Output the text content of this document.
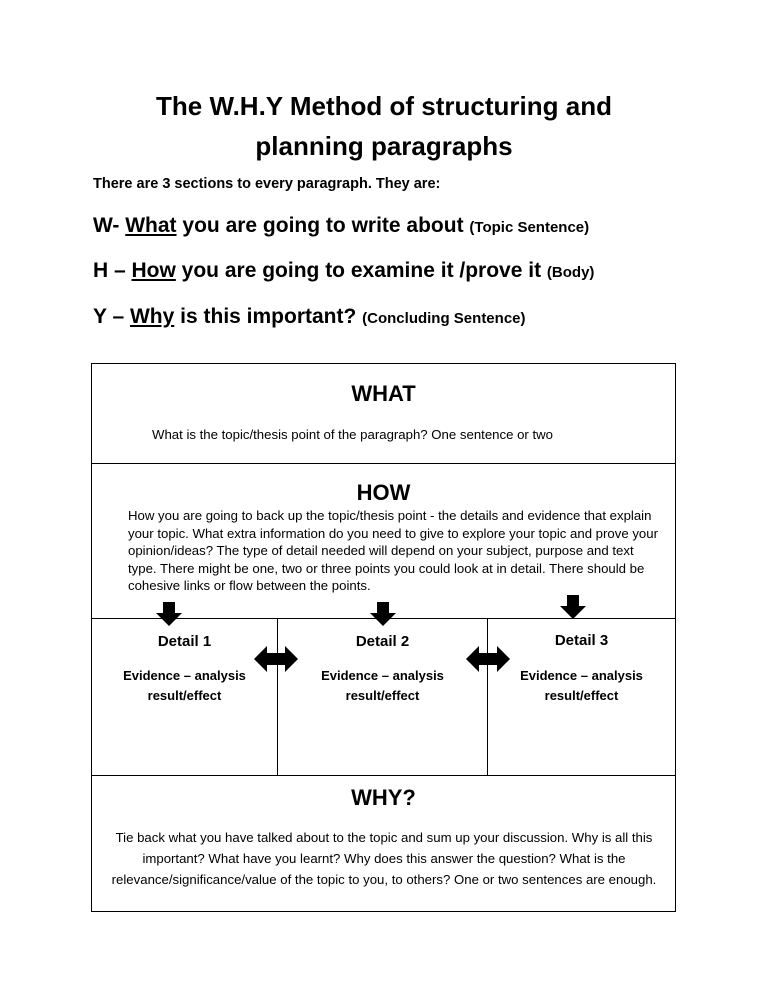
The W.H.Y Method of structuring and
planning paragraphs
There are 3 sections to every paragraph. They are:
W- What you are going to write about (Topic Sentence)
H – How you are going to examine it /prove it (Body)
Y – Why is this important? (Concluding Sentence)
WHAT
What is the topic/thesis point of the paragraph? One sentence or two
HOW
How you are going to back up the topic/thesis point - the details and evidence that explain your topic. What extra information do you need to give to explore your topic and prove your opinion/ideas? The type of detail needed will depend on your subject, purpose and text type. There might be one, two or three points you could look at in detail. There should be cohesive links or flow between the points.
Detail 1
Evidence – analysis
result/effect
Detail 2
Evidence – analysis
result/effect
Detail 3
Evidence – analysis
result/effect
WHY?
Tie back what you have talked about to the topic and sum up your discussion. Why is all this important? What have you learnt? Why does this answer the question? What is the relevance/significance/value of the topic to you, to others? One or two sentences are enough.
